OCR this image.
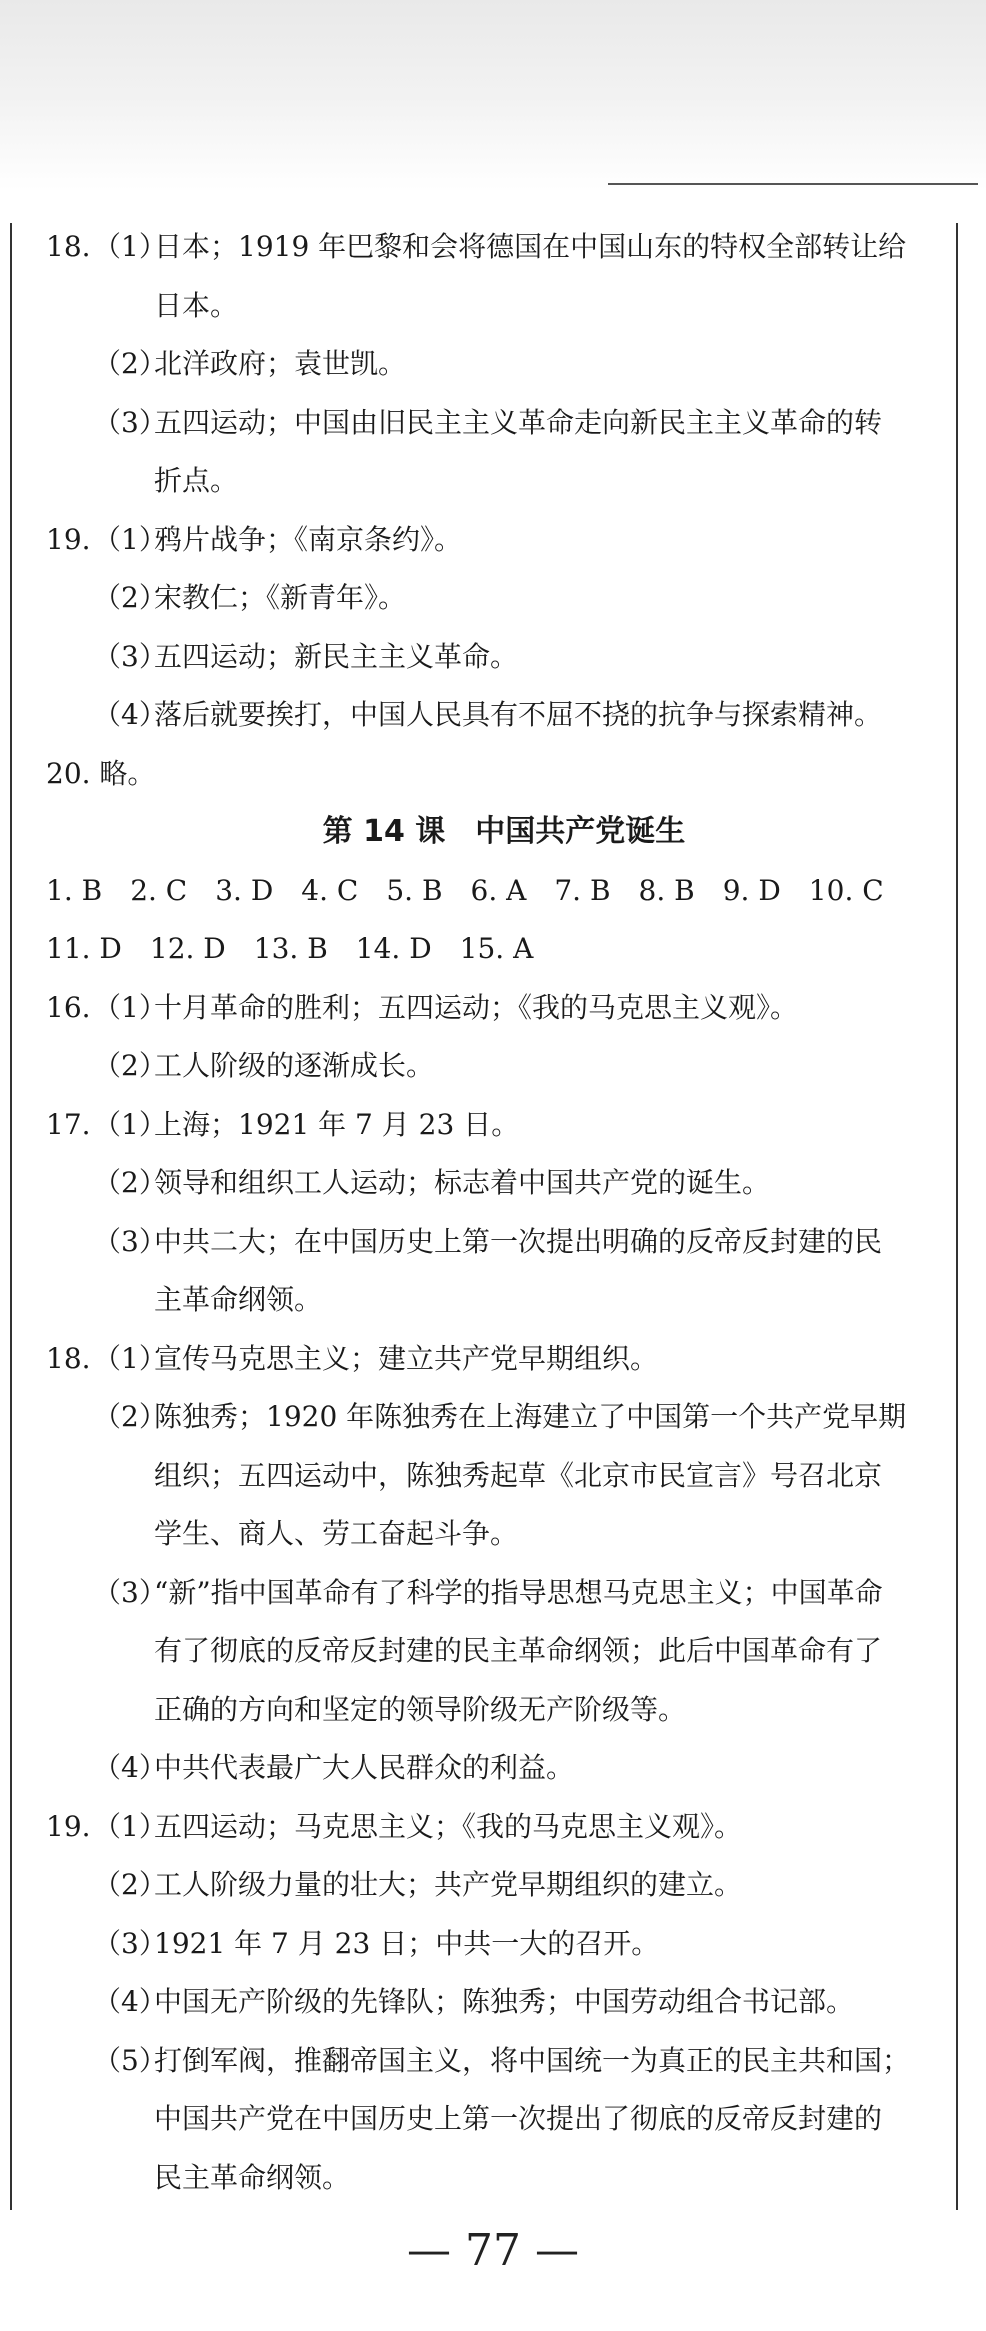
18. （1）
日本；1919 年巴黎和会将德国在中国山东的特权全部转让给
日本。
（2）
北洋政府；袁世凯。
（3）
五四运动；中国由旧民主主义革命走向新民主主义革命的转
折点。
19. （1）
鸦片战争；《南京条约》。
（2）
宋教仁；《新青年》。
（3）
五四运动；新民主主义革命。
（4）
落后就要挨打，中国人民具有不屈不挠的抗争与探索精神。
20. 略。
第 14 课　中国共产党诞生
1. B　2. C　3. D　4. C　5. B　6. A　7. B　8. B　9. D　10. C
11. D　12. D　13. B　14. D　15. A
16. （1）
十月革命的胜利；五四运动；《我的马克思主义观》。
（2）
工人阶级的逐渐成长。
17. （1）
上海；1921 年 7 月 23 日。
（2）
领导和组织工人运动；标志着中国共产党的诞生。
（3）
中共二大；在中国历史上第一次提出明确的反帝反封建的民
主革命纲领。
18. （1）
宣传马克思主义；建立共产党早期组织。
（2）
陈独秀；1920 年陈独秀在上海建立了中国第一个共产党早期
组织；五四运动中，陈独秀起草《北京市民宣言》号召北京
学生、商人、劳工奋起斗争。
（3）
“新”指中国革命有了科学的指导思想马克思主义；中国革命
有了彻底的反帝反封建的民主革命纲领；此后中国革命有了
正确的方向和坚定的领导阶级无产阶级等。
（4）
中共代表最广大人民群众的利益。
19. （1）
五四运动；马克思主义；《我的马克思主义观》。
（2）
工人阶级力量的壮大；共产党早期组织的建立。
（3）
1921 年 7 月 23 日；中共一大的召开。
（4）
中国无产阶级的先锋队；陈独秀；中国劳动组合书记部。
（5）
打倒军阀，推翻帝国主义，将中国统一为真正的民主共和国；
中国共产党在中国历史上第一次提出了彻底的反帝反封建的
民主革命纲领。
— 77 —
